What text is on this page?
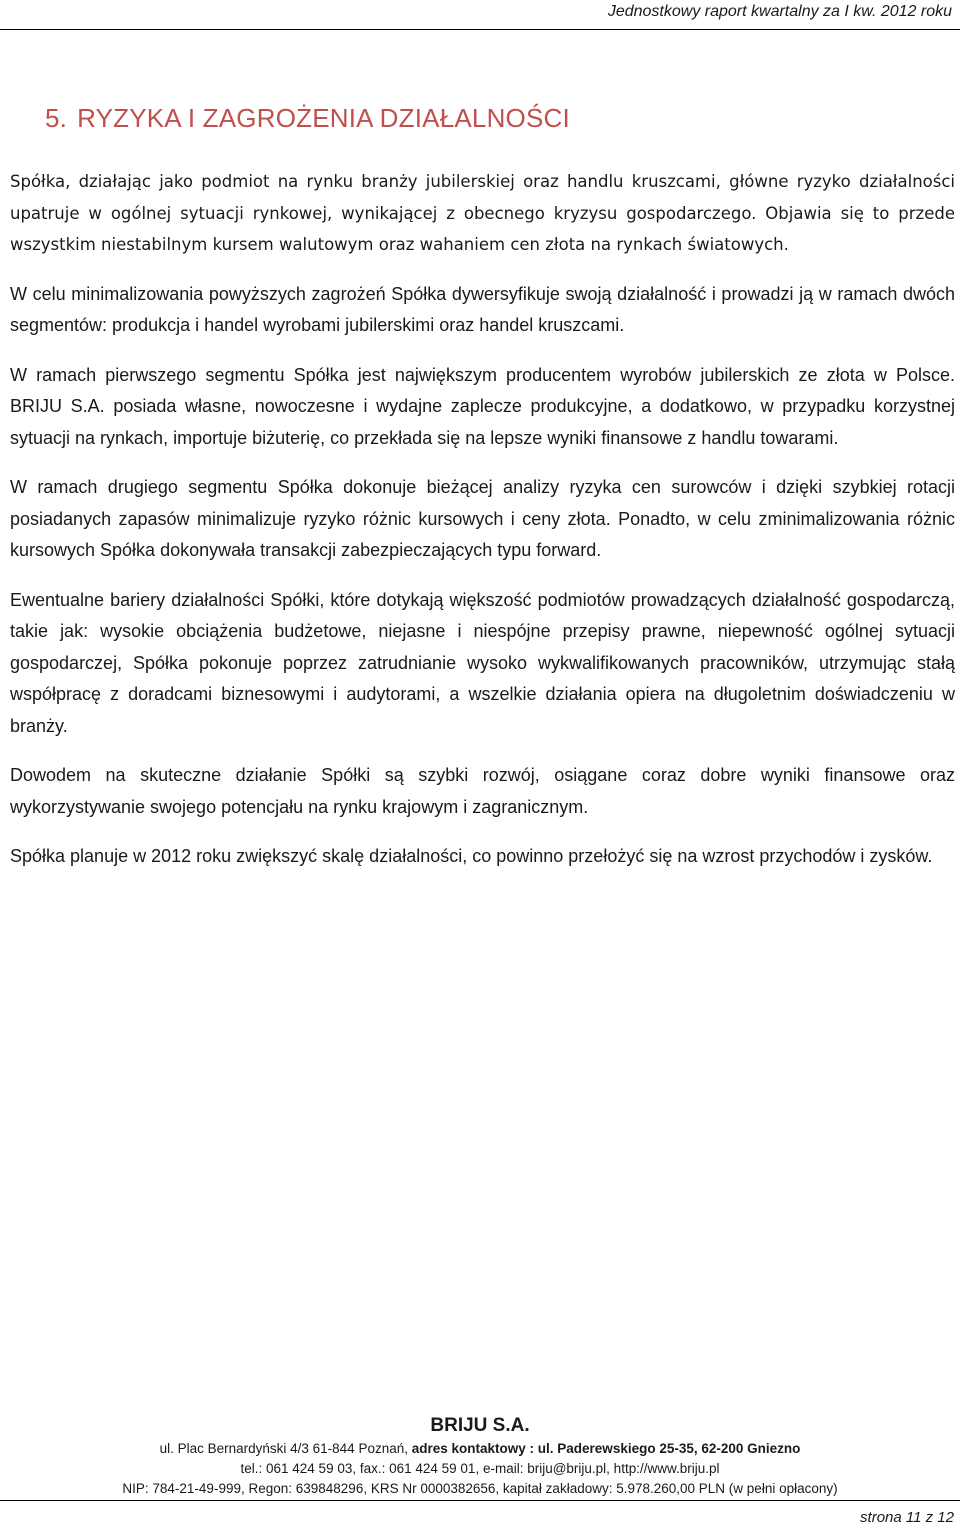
Jednostkowy raport kwartalny za I kw. 2012 roku
5. RYZYKA I ZAGROŻENIA DZIAŁALNOŚCI

Spółka, działając jako podmiot na rynku branży jubilerskiej oraz handlu kruszcami, główne ryzyko działalności upatruje w ogólnej sytuacji rynkowej, wynikającej z obecnego kryzysu gospodarczego. Objawia się to przede wszystkim niestabilnym kursem walutowym oraz wahaniem cen złota na rynkach światowych.

W celu minimalizowania powyższych zagrożeń Spółka dywersyfikuje swoją działalność i prowadzi ją w ramach dwóch segmentów: produkcja i handel wyrobami jubilerskimi oraz handel kruszcami.

W ramach pierwszego segmentu Spółka jest największym producentem wyrobów jubilerskich ze złota w Polsce. BRIJU S.A. posiada własne, nowoczesne i wydajne zaplecze produkcyjne, a dodatkowo, w przypadku korzystnej sytuacji na rynkach, importuje biżuterię, co przekłada się na lepsze wyniki finansowe z handlu towarami.

W ramach drugiego segmentu Spółka dokonuje bieżącej analizy ryzyka cen surowców i dzięki szybkiej rotacji posiadanych zapasów minimalizuje ryzyko różnic kursowych i ceny złota. Ponadto, w celu zminimalizowania różnic kursowych Spółka dokonywała transakcji zabezpieczających typu forward.

Ewentualne bariery działalności Spółki, które dotykają większość podmiotów prowadzących działalność gospodarczą, takie jak: wysokie obciążenia budżetowe, niejasne i niespójne przepisy prawne, niepewność ogólnej sytuacji gospodarczej, Spółka pokonuje poprzez zatrudnianie wysoko wykwalifikowanych pracowników, utrzymując stałą współpracę z doradcami biznesowymi i audytorami, a wszelkie działania opiera na długoletnim doświadczeniu w branży.

Dowodem na skuteczne działanie Spółki są szybki rozwój, osiągane coraz dobre wyniki finansowe oraz wykorzystywanie swojego potencjału na rynku krajowym i zagranicznym.

Spółka planuje w 2012 roku zwiększyć skalę działalności, co powinno przełożyć się na wzrost przychodów i zysków.

BRIJU S.A.
ul. Plac Bernardyński 4/3 61-844 Poznań, adres kontaktowy : ul. Paderewskiego 25-35, 62-200 Gniezno
tel.: 061 424 59 03, fax.: 061 424 59 01, e-mail: briju@briju.pl, http://www.briju.pl
NIP: 784-21-49-999, Regon: 639848296, KRS Nr 0000382656, kapitał zakładowy: 5.978.260,00 PLN (w pełni opłacony)
strona 11 z 12
